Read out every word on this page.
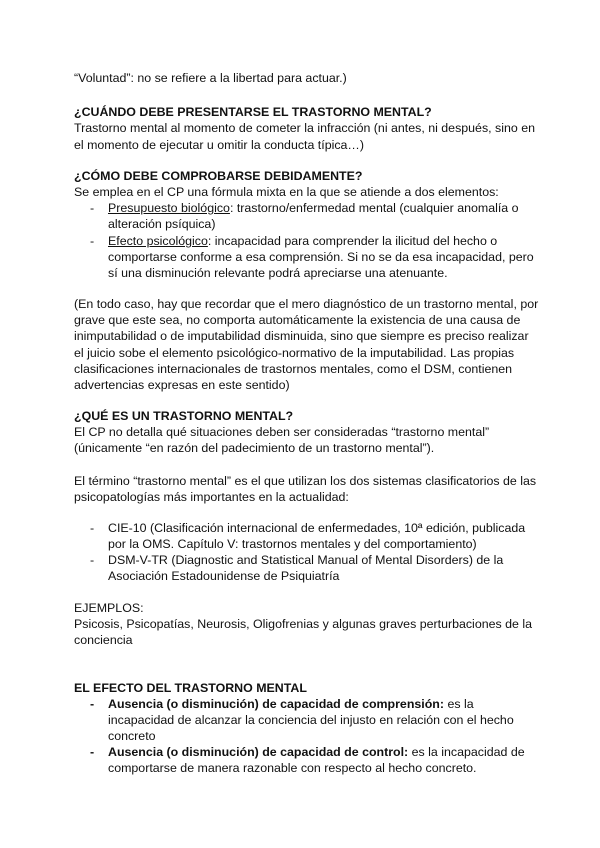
“Voluntad”: no se refiere a la libertad para actuar.)
¿CUÁNDO DEBE PRESENTARSE EL TRASTORNO MENTAL?
Trastorno mental al momento de cometer la infracción (ni antes, ni después, sino en
el momento de ejecutar u omitir la conducta típica…)
¿CÓMO DEBE COMPROBARSE DEBIDAMENTE?
Se emplea en el CP una fórmula mixta en la que se atiende a dos elementos:
- Presupuesto biológico: trastorno/enfermedad mental (cualquier anomalía o
alteración psíquica)
- Efecto psicológico: incapacidad para comprender la ilicitud del hecho o
comportarse conforme a esa comprensión. Si no se da esa incapacidad, pero
sí una disminución relevante podrá apreciarse una atenuante.
(En todo caso, hay que recordar que el mero diagnóstico de un trastorno mental, por
grave que este sea, no comporta automáticamente la existencia de una causa de
inimputabilidad o de imputabilidad disminuida, sino que siempre es preciso realizar
el juicio sobe el elemento psicológico-normativo de la imputabilidad. Las propias
clasificaciones internacionales de trastornos mentales, como el DSM, contienen
advertencias expresas en este sentido)
¿QUÉ ES UN TRASTORNO MENTAL?
El CP no detalla qué situaciones deben ser consideradas “trastorno mental”
(únicamente “en razón del padecimiento de un trastorno mental”).
El término “trastorno mental” es el que utilizan los dos sistemas clasificatorios de las
psicopatologías más importantes en la actualidad:
- CIE-10 (Clasificación internacional de enfermedades, 10ª edición, publicada
por la OMS. Capítulo V: trastornos mentales y del comportamiento)
- DSM-V-TR (Diagnostic and Statistical Manual of Mental Disorders) de la
Asociación Estadounidense de Psiquiatría
EJEMPLOS:
Psicosis, Psicopatías, Neurosis, Oligofrenias y algunas graves perturbaciones de la
conciencia
EL EFECTO DEL TRASTORNO MENTAL
- Ausencia (o disminución) de capacidad de comprensión: es la
incapacidad de alcanzar la conciencia del injusto en relación con el hecho
concreto
- Ausencia (o disminución) de capacidad de control: es la incapacidad de
comportarse de manera razonable con respecto al hecho concreto.
